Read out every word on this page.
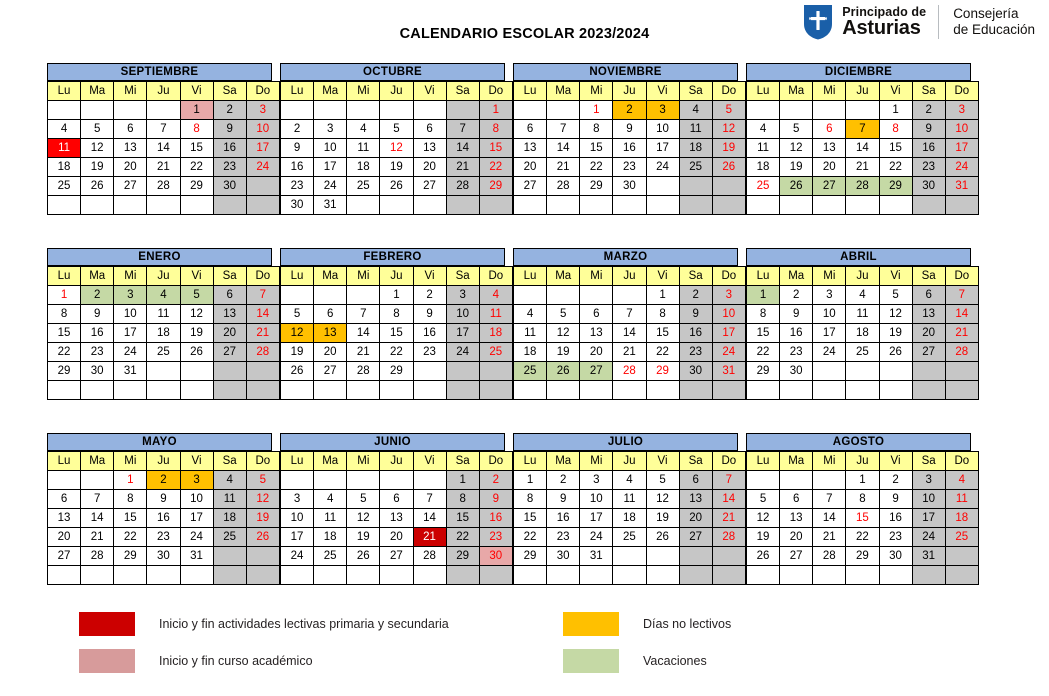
Principado de
Asturias
Consejería
de Educación
CALENDARIO ESCOLAR 2023/2024
SEPTIEMBRE
Lu	Ma	Mi	Ju	Vi	Sa	Do
				1	2	3
4	5	6	7	8	9	10
11	12	13	14	15	16	17
18	19	20	21	22	23	24
25	26	27	28	29	30	

OCTUBRE
Lu	Ma	Mi	Ju	Vi	Sa	Do
						1
2	3	4	5	6	7	8
9	10	11	12	13	14	15
16	17	18	19	20	21	22
23	24	25	26	27	28	29
30	31					
NOVIEMBRE
Lu	Ma	Mi	Ju	Vi	Sa	Do
		1	2	3	4	5
6	7	8	9	10	11	12
13	14	15	16	17	18	19
20	21	22	23	24	25	26
27	28	29	30			

DICIEMBRE
Lu	Ma	Mi	Ju	Vi	Sa	Do
				1	2	3
4	5	6	7	8	9	10
11	12	13	14	15	16	17
18	19	20	21	22	23	24
25	26	27	28	29	30	31

ENERO
Lu	Ma	Mi	Ju	Vi	Sa	Do
1	2	3	4	5	6	7
8	9	10	11	12	13	14
15	16	17	18	19	20	21
22	23	24	25	26	27	28
29	30	31				

FEBRERO
Lu	Ma	Mi	Ju	Vi	Sa	Do
			1	2	3	4
5	6	7	8	9	10	11
12	13	14	15	16	17	18
19	20	21	22	23	24	25
26	27	28	29			

MARZO
Lu	Ma	Mi	Ju	Vi	Sa	Do
				1	2	3
4	5	6	7	8	9	10
11	12	13	14	15	16	17
18	19	20	21	22	23	24
25	26	27	28	29	30	31

ABRIL
Lu	Ma	Mi	Ju	Vi	Sa	Do
1	2	3	4	5	6	7
8	9	10	11	12	13	14
15	16	17	18	19	20	21
22	23	24	25	26	27	28
29	30					

MAYO
Lu	Ma	Mi	Ju	Vi	Sa	Do
		1	2	3	4	5
6	7	8	9	10	11	12
13	14	15	16	17	18	19
20	21	22	23	24	25	26
27	28	29	30	31		

JUNIO
Lu	Ma	Mi	Ju	Vi	Sa	Do
					1	2
3	4	5	6	7	8	9
10	11	12	13	14	15	16
17	18	19	20	21	22	23
24	25	26	27	28	29	30

JULIO
Lu	Ma	Mi	Ju	Vi	Sa	Do
1	2	3	4	5	6	7
8	9	10	11	12	13	14
15	16	17	18	19	20	21
22	23	24	25	26	27	28
29	30	31				

AGOSTO
Lu	Ma	Mi	Ju	Vi	Sa	Do
			1	2	3	4
5	6	7	8	9	10	11
12	13	14	15	16	17	18
19	20	21	22	23	24	25
26	27	28	29	30	31	

Inicio y fin actividades lectivas primaria y secundaria	Días no lectivos
Inicio y fin curso académico	Vacaciones
